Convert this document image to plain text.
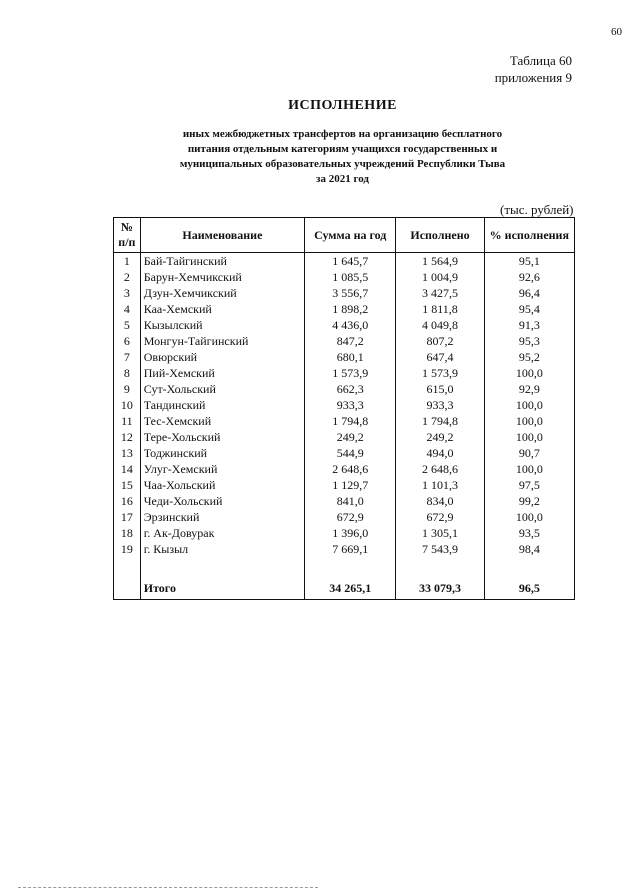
60
Таблица 60
приложения 9
ИСПОЛНЕНИЕ
иных межбюджетных трансфертов на организацию бесплатного
питания отдельным категориям учащихся государственных и
муниципальных образовательных учреждений Республики Тыва
за 2021 год
(тыс. рублей)
№ п/п	Наименование	Сумма на год	Исполнено	% исполнения
1	Бай-Тайгинский	1 645,7	1 564,9	95,1
2	Барун-Хемчикский	1 085,5	1 004,9	92,6
3	Дзун-Хемчикский	3 556,7	3 427,5	96,4
4	Каа-Хемский	1 898,2	1 811,8	95,4
5	Кызылский	4 436,0	4 049,8	91,3
6	Монгун-Тайгинский	847,2	807,2	95,3
7	Овюрский	680,1	647,4	95,2
8	Пий-Хемский	1 573,9	1 573,9	100,0
9	Сут-Хольский	662,3	615,0	92,9
10	Тандинский	933,3	933,3	100,0
11	Тес-Хемский	1 794,8	1 794,8	100,0
12	Тере-Хольский	249,2	249,2	100,0
13	Тоджинский	544,9	494,0	90,7
14	Улуг-Хемский	2 648,6	2 648,6	100,0
15	Чаа-Хольский	1 129,7	1 101,3	97,5
16	Чеди-Хольский	841,0	834,0	99,2
17	Эрзинский	672,9	672,9	100,0
18	г. Ак-Довурак	1 396,0	1 305,1	93,5
19	г. Кызыл	7 669,1	7 543,9	98,4

	Итого	34 265,1	33 079,3	96,5
